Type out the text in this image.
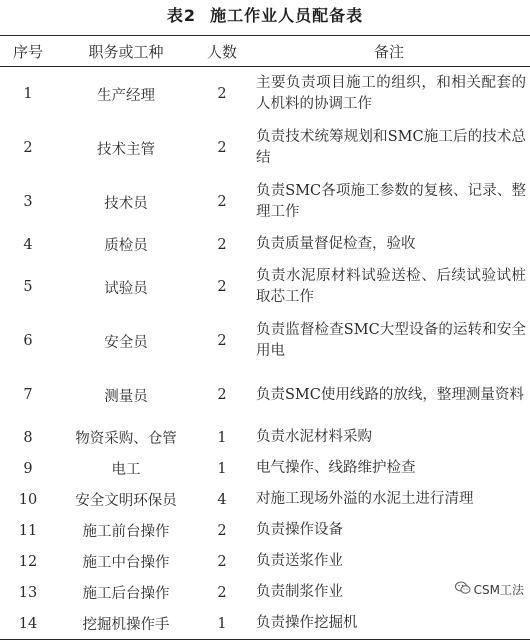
表2 施工作业人员配备表
序号	职务或工种	人数	备注
1	生产经理	2	主要负责项目施工的组织，和相关配套的人机料的协调工作
2	技术主管	2	负责技术统筹规划和SMC施工后的技术总结
3	技术员	2	负责SMC各项施工参数的复核、记录、整理工作
4	质检员	2	负责质量督促检查，验收
5	试验员	2	负责水泥原材料试验送检、后续试验试桩取芯工作
6	安全员	2	负责监督检查SMC大型设备的运转和安全用电
7	测量员	2	负责SMC使用线路的放线，整理测量资料
8	物资采购、仓管	1	负责水泥材料采购
9	电工	1	电气操作、线路维护检查
10	安全文明环保员	4	对施工现场外溢的水泥土进行清理
11	施工前台操作	2	负责操作设备
12	施工中台操作	2	负责送浆作业
13	施工后台操作	2	负责制浆作业
14	挖掘机操作手	1	负责操作挖掘机
CSM工法
